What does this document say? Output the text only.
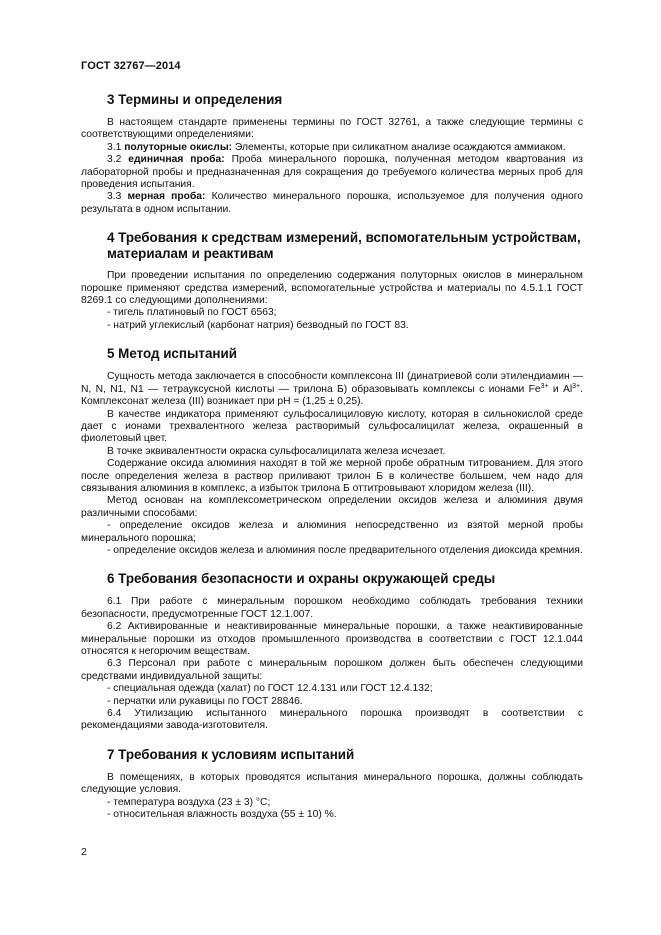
ГОСТ 32767—2014
3 Термины и определения

В настоящем стандарте применены термины по ГОСТ 32761, а также следующие термины с соответствующими определениями:

3.1 полуторные окислы: Элементы, которые при силикатном анализе осаждаются аммиаком.

3.2 единичная проба: Проба минерального порошка, полученная методом квартования из лабораторной пробы и предназначенная для сокращения до требуемого количества мерных проб для проведения испытания.

3.3 мерная проба: Количество минерального порошка, используемое для получения одного результата в одном испытании.

4 Требования к средствам измерений, вспомогательным устройствам, материалам и реактивам

При проведении испытания по определению содержания полуторных окислов в минеральном порошке применяют средства измерений, вспомогательные устройства и материалы по 4.5.1.1 ГОСТ 8269.1 со следующими дополнениями:

- тигель платиновый по ГОСТ 6563;

- натрий углекислый (карбонат натрия) безводный по ГОСТ 83.

5 Метод испытаний

Сущность метода заключается в способности комплексона III (динатриевой соли этилендиамин — N, N, N1, N1 — тетрауксусной кислоты — трилона Б) образовывать комплексы с ионами $Fe^{3+}$ и $Al^{3+}$. Комплексонат железа (III) возникает при pH = (1,25 ± 0,25).

В качестве индикатора применяют сульфосалициловую кислоту, которая в сильнокислой среде дает с ионами трехвалентного железа растворимый сульфосалицилат железа, окрашенный в фиолетовый цвет.

В точке эквивалентности окраска сульфосалицилата железа исчезает.

Содержание оксида алюминия находят в той же мерной пробе обратным титрованием. Для этого после определения железа в раствор приливают трилон Б в количестве большем, чем надо для связывания алюминия в комплекс, а избыток трилона Б оттитровывают хлоридом железа (III).

Метод основан на комплексометрическом определении оксидов железа и алюминия двумя различными способами:

- определение оксидов железа и алюминия непосредственно из взятой мерной пробы минерального порошка;

- определение оксидов железа и алюминия после предварительного отделения диоксида кремния.

6 Требования безопасности и охраны окружающей среды

6.1 При работе с минеральным порошком необходимо соблюдать требования техники безопасности, предусмотренные ГОСТ 12.1.007.

6.2 Активированные и неактивированные минеральные порошки, а также неактивированные минеральные порошки из отходов промышленного производства в соответствии с ГОСТ 12.1.044 относятся к негорючим веществам.

6.3 Персонал при работе с минеральным порошком должен быть обеспечен следующими средствами индивидуальной защиты:

- специальная одежда (халат) по ГОСТ 12.4.131 или ГОСТ 12.4.132;

- перчатки или рукавицы по ГОСТ 28846.

6.4 Утилизацию испытанного минерального порошка производят в соответствии с рекомендациями завода-изготовителя.

7 Требования к условиям испытаний

В помещениях, в которых проводятся испытания минерального порошка, должны соблюдать следующие условия.

- температура воздуха (23 ± 3) °С;

- относительная влажность воздуха (55 ± 10) %.

2
